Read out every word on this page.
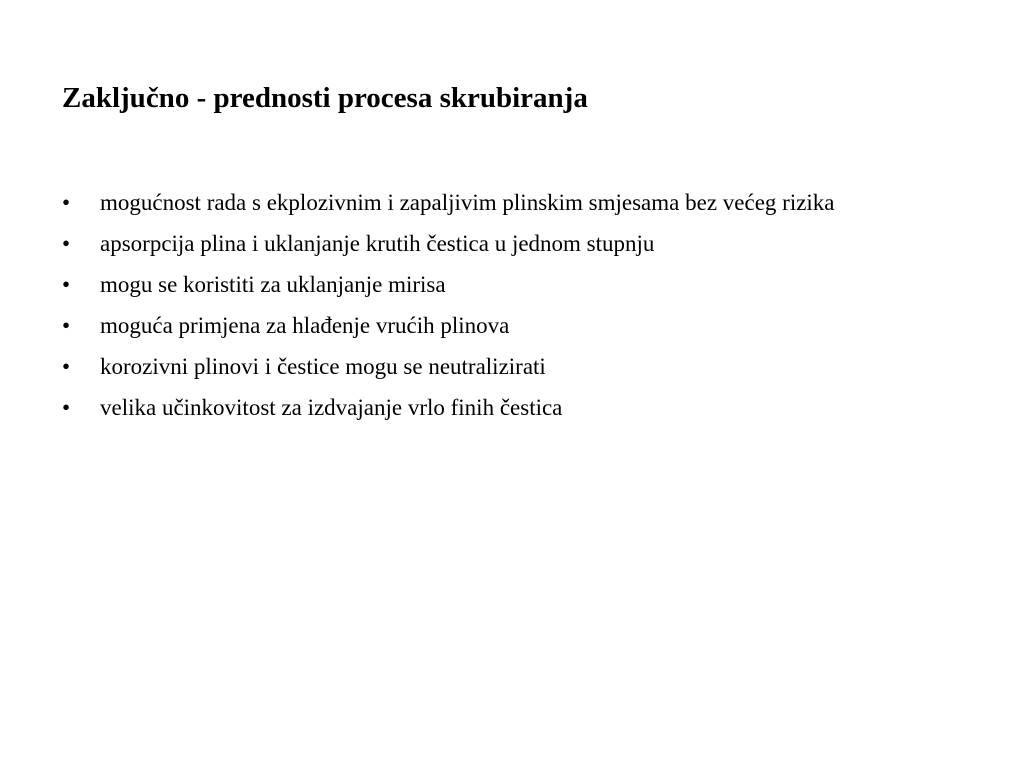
Zaključno - prednosti procesa skrubiranja
•	mogućnost rada s ekplozivnim i zapaljivim plinskim smjesama bez većeg rizika
•	apsorpcija plina i uklanjanje krutih čestica u jednom stupnju
•	mogu se koristiti za uklanjanje mirisa
•	moguća primjena za hlađenje vrućih plinova
•	korozivni plinovi i čestice mogu se neutralizirati
•	velika učinkovitost za izdvajanje vrlo finih čestica
